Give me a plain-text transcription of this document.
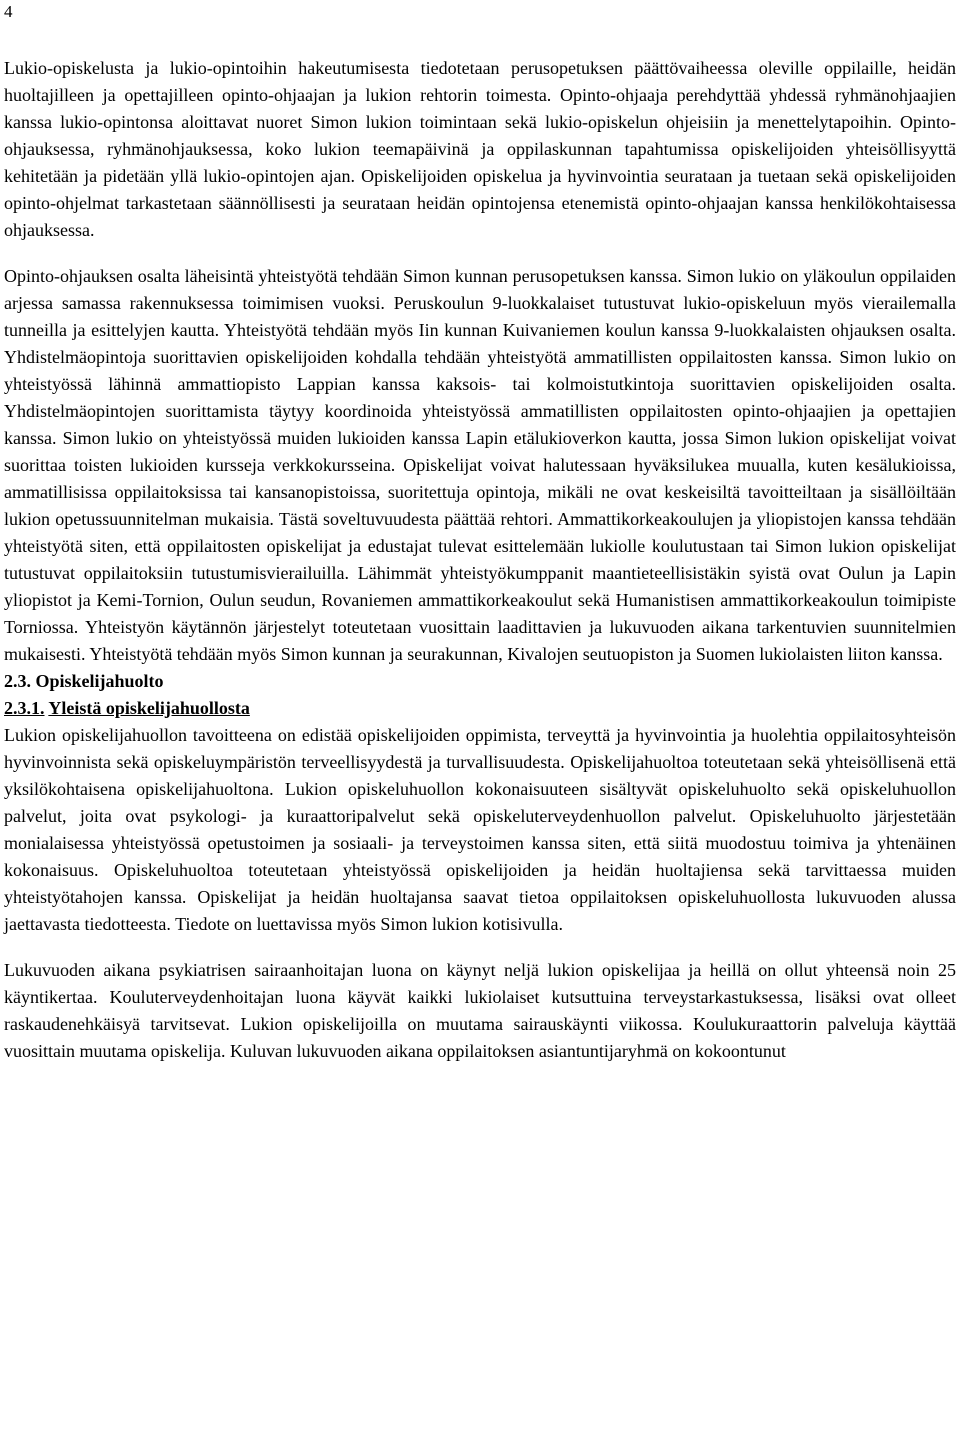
4

Lukio-opiskelusta ja lukio-opintoihin hakeutumisesta tiedotetaan perusopetuksen päättövaiheessa oleville oppilaille, heidän huoltajilleen ja opettajilleen opinto-ohjaajan ja lukion rehtorin toimesta. Opinto-ohjaaja perehdyttää yhdessä ryhmänohjaajien kanssa lukio-opintonsa aloittavat nuoret Simon lukion toimintaan sekä lukio-opiskelun ohjeisiin ja menettelytapoihin. Opinto-ohjauksessa, ryhmänohjauksessa, koko lukion teemapäivinä ja oppilaskunnan tapahtumissa opiskelijoiden yhteisöllisyyttä kehitetään ja pidetään yllä lukio-opintojen ajan. Opiskelijoiden opiskelua ja hyvinvointia seurataan ja tuetaan sekä opiskelijoiden opinto-ohjelmat tarkastetaan säännöllisesti ja seurataan heidän opintojensa etenemistä opinto-ohjaajan kanssa henkilökohtaisessa ohjauksessa.

Opinto-ohjauksen osalta läheisintä yhteistyötä tehdään Simon kunnan perusopetuksen kanssa. Simon lukio on yläkoulun oppilaiden arjessa samassa rakennuksessa toimimisen vuoksi. Peruskoulun 9-luokkalaiset tutustuvat lukio-opiskeluun myös vierailemalla tunneilla ja esittelyjen kautta. Yhteistyötä tehdään myös Iin kunnan Kuivaniemen koulun kanssa 9-luokkalaisten ohjauksen osalta. Yhdistelmäopintoja suorittavien opiskelijoiden kohdalla tehdään yhteistyötä ammatillisten oppilaitosten kanssa. Simon lukio on yhteistyössä lähinnä ammattiopisto Lappian kanssa kaksois- tai kolmoistutkintoja suorittavien opiskelijoiden osalta. Yhdistelmäopintojen suorittamista täytyy koordinoida yhteistyössä ammatillisten oppilaitosten opinto-ohjaajien ja opettajien kanssa. Simon lukio on yhteistyössä muiden lukioiden kanssa Lapin etälukioverkon kautta, jossa Simon lukion opiskelijat voivat suorittaa toisten lukioiden kursseja verkkokursseina. Opiskelijat voivat halutessaan hyväksilukea muualla, kuten kesälukioissa, ammatillisissa oppilaitoksissa tai kansanopistoissa, suoritettuja opintoja, mikäli ne ovat keskeisiltä tavoitteiltaan ja sisällöiltään lukion opetussuunnitelman mukaisia. Tästä soveltuvuudesta päättää rehtori. Ammattikorkeakoulujen ja yliopistojen kanssa tehdään yhteistyötä siten, että oppilaitosten opiskelijat ja edustajat tulevat esittelemään lukiolle koulutustaan tai Simon lukion opiskelijat tutustuvat oppilaitoksiin tutustumisvierailuilla. Lähimmät yhteistyökumppanit maantieteellisistäkin syistä ovat Oulun ja Lapin yliopistot ja Kemi-Tornion, Oulun seudun, Rovaniemen ammattikorkeakoulut sekä Humanistisen ammattikorkeakoulun toimipiste Torniossa. Yhteistyön käytännön järjestelyt toteutetaan vuosittain laadittavien ja lukuvuoden aikana tarkentuvien suunnitelmien mukaisesti. Yhteistyötä tehdään myös Simon kunnan ja seurakunnan, Kivalojen seutuopiston ja Suomen lukiolaisten liiton kanssa.

2.3. Opiskelijahuolto

2.3.1. Yleistä opiskelijahuollosta

Lukion opiskelijahuollon tavoitteena on edistää opiskelijoiden oppimista, terveyttä ja hyvinvointia ja huolehtia oppilaitosyhteisön hyvinvoinnista sekä opiskeluympäristön terveellisyydestä ja turvallisuudesta. Opiskelijahuoltoa toteutetaan sekä yhteisöllisenä että yksilökohtaisena opiskelijahuoltona. Lukion opiskeluhuollon kokonaisuuteen sisältyvät opiskeluhuolto sekä opiskeluhuollon palvelut, joita ovat psykologi- ja kuraattoripalvelut sekä opiskeluterveydenhuollon palvelut. Opiskeluhuolto järjestetään monialaisessa yhteistyössä opetustoimen ja sosiaali- ja terveystoimen kanssa siten, että siitä muodostuu toimiva ja yhtenäinen kokonaisuus. Opiskeluhuoltoa toteutetaan yhteistyössä opiskelijoiden ja heidän huoltajiensa sekä tarvittaessa muiden yhteistyötahojen kanssa. Opiskelijat ja heidän huoltajansa saavat tietoa oppilaitoksen opiskeluhuollosta lukuvuoden alussa jaettavasta tiedotteesta. Tiedote on luettavissa myös Simon lukion kotisivulla.

Lukuvuoden aikana psykiatrisen sairaanhoitajan luona on käynyt neljä lukion opiskelijaa ja heillä on ollut yhteensä noin 25 käyntikertaa. Kouluterveydenhoitajan luona käyvät kaikki lukiolaiset kutsuttuina terveystarkastuksessa, lisäksi ovat olleet raskaudenehkäisyä tarvitsevat. Lukion opiskelijoilla on muutama sairauskäynti viikossa. Koulukuraattorin palveluja käyttää vuosittain muutama opiskelija. Kuluvan lukuvuoden aikana oppilaitoksen asiantuntijaryhmä on kokoontunut
